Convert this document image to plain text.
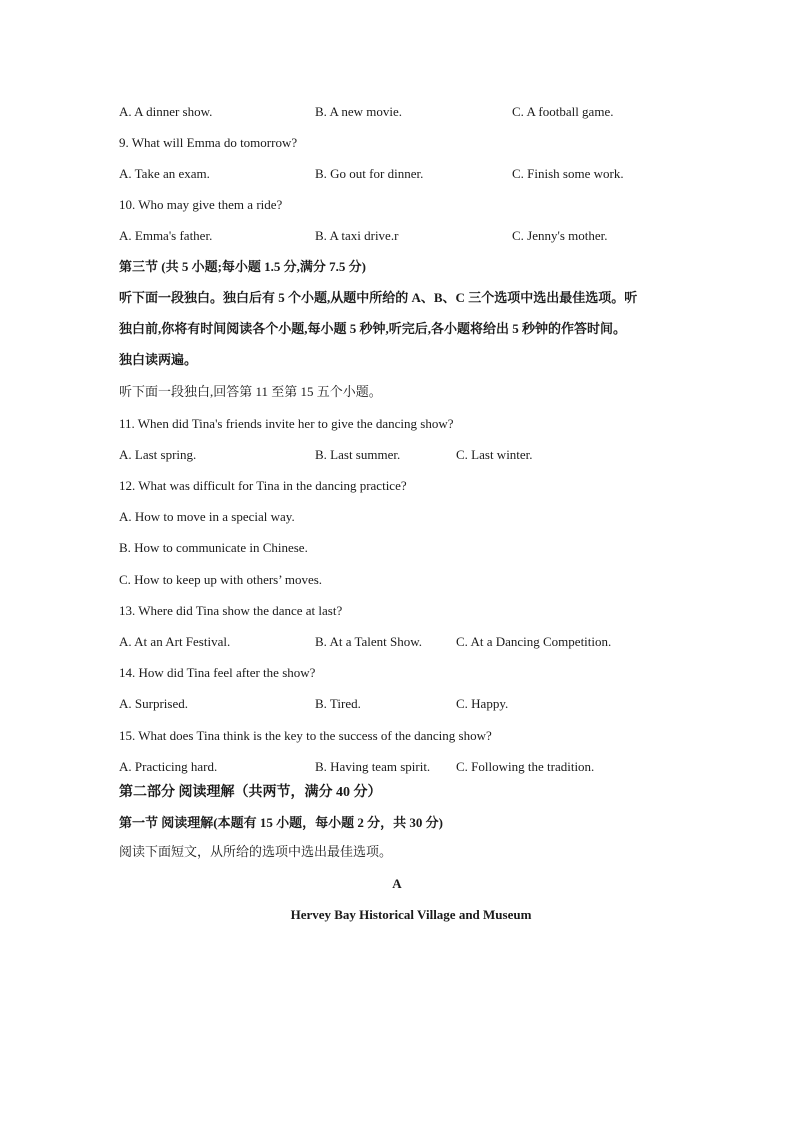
A. A dinner show.	B. A new movie.	C. A football game.
9. What will Emma do tomorrow?
A. Take an exam.	B. Go out for dinner.	C. Finish some work.
10. Who may give them a ride?
A. Emma's father.	B. A taxi drive.r	C. Jenny's mother.
第三节 (共 5 小题;每小题 1.5 分,满分 7.5 分)
听下面一段独白。独白后有 5 个小题,从题中所给的 A、B、C 三个选项中选出最佳选项。听
独白前,你将有时间阅读各个小题,每小题 5 秒钟,听完后,各小题将给出 5 秒钟的作答时间。
独白读两遍。
听下面一段独白,回答第 11 至第 15 五个小题。
11. When did Tina's friends invite her to give the dancing show?
A. Last spring.	B. Last summer.	C. Last winter.
12. What was difficult for Tina in the dancing practice?
A. How to move in a special way.
B. How to communicate in Chinese.
C. How to keep up with others’ moves.
13. Where did Tina show the dance at last?
A. At an Art Festival.	B. At a Talent Show.	C. At a Dancing Competition.
14. How did Tina feel after the show?
A. Surprised.	B. Tired.	C. Happy.
15. What does Tina think is the key to the success of the dancing show?
A. Practicing hard.	B. Having team spirit. C. Following the tradition.
第二部分 阅读理解（共两节，满分 40 分）
第一节 阅读理解(本题有 15 小题，每小题 2 分，共 30 分)
阅读下面短文，从所给的选项中选出最佳选项。
A
Hervey Bay Historical Village and Museum
